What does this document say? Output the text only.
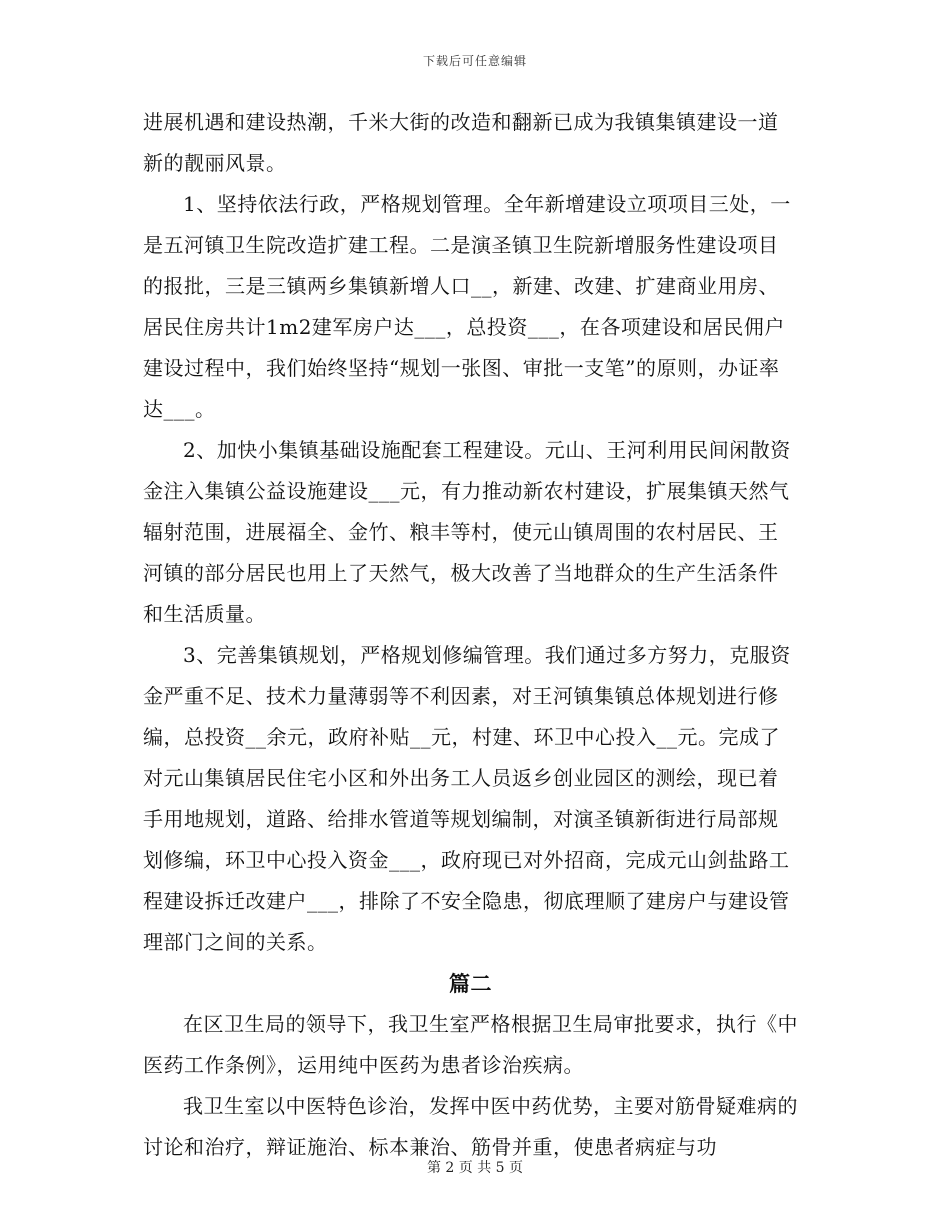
下载后可任意编辑

进展机遇和建设热潮，千米大街的改造和翻新已成为我镇集镇建设一道新的靓丽风景。

1、坚持依法行政，严格规划管理。全年新增建设立项项目三处，一是五河镇卫生院改造扩建工程。二是演圣镇卫生院新增服务性建设项目的报批，三是三镇两乡集镇新增人口__，新建、改建、扩建商业用房、居民住房共计1m2建军房户达___，总投资___，在各项建设和居民佣户建设过程中，我们始终坚持“规划一张图、审批一支笔”的原则，办证率达___。

2、加快小集镇基础设施配套工程建设。元山、王河利用民间闲散资金注入集镇公益设施建设___元，有力推动新农村建设，扩展集镇天然气辐射范围，进展福全、金竹、粮丰等村，使元山镇周围的农村居民、王河镇的部分居民也用上了天然气，极大改善了当地群众的生产生活条件和生活质量。

3、完善集镇规划，严格规划修编管理。我们通过多方努力，克服资金严重不足、技术力量薄弱等不利因素，对王河镇集镇总体规划进行修编，总投资__余元，政府补贴__元，村建、环卫中心投入__元。完成了对元山集镇居民住宅小区和外出务工人员返乡创业园区的测绘，现已着手用地规划，道路、给排水管道等规划编制，对演圣镇新街进行局部规划修编，环卫中心投入资金___，政府现已对外招商，完成元山剑盐路工程建设拆迁改建户___，排除了不安全隐患，彻底理顺了建房户与建设管理部门之间的关系。

篇二

在区卫生局的领导下，我卫生室严格根据卫生局审批要求，执行《中医药工作条例》，运用纯中医药为患者诊治疾病。

我卫生室以中医特色诊治，发挥中医中药优势，主要对筋骨疑难病的讨论和治疗，辩证施治、标本兼治、筋骨并重，使患者病症与功

第 2 页 共 5 页
